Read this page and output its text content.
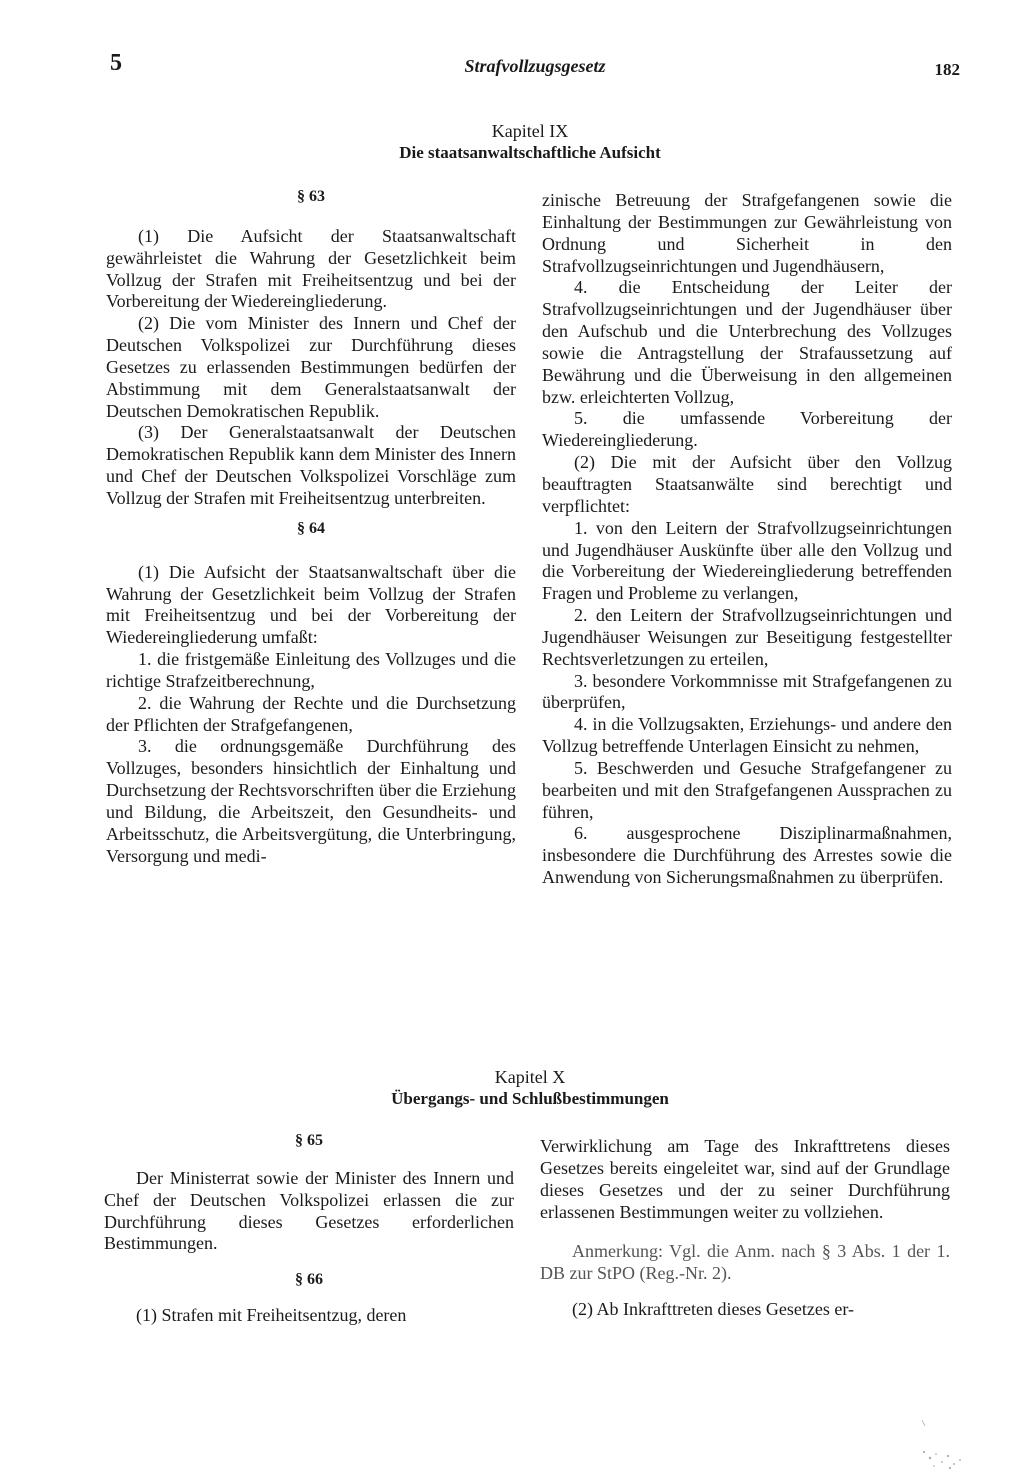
5	Strafvollzugsgesetz	182
Kapitel IX
Die staatsanwaltschaftliche Aufsicht

§ 63

(1) Die Aufsicht der Staatsanwaltschaft gewährleistet die Wahrung der Gesetzlichkeit beim Vollzug der Strafen mit Freiheitsentzug und bei der Vorbereitung der Wiedereingliederung.

(2) Die vom Minister des Innern und Chef der Deutschen Volkspolizei zur Durchführung dieses Gesetzes zu erlassenden Bestimmungen bedürfen der Abstimmung mit dem Generalstaatsanwalt der Deutschen Demokratischen Republik.

(3) Der Generalstaatsanwalt der Deutschen Demokratischen Republik kann dem Minister des Innern und Chef der Deutschen Volkspolizei Vorschläge zum Vollzug der Strafen mit Freiheitsentzug unterbreiten.

§ 64

(1) Die Aufsicht der Staatsanwaltschaft über die Wahrung der Gesetzlichkeit beim Vollzug der Strafen mit Freiheitsentzug und bei der Vorbereitung der Wiedereingliederung umfaßt:

1. die fristgemäße Einleitung des Vollzuges und die richtige Strafzeitberechnung,

2. die Wahrung der Rechte und die Durchsetzung der Pflichten der Strafgefangenen,

3. die ordnungsgemäße Durchführung des Vollzuges, besonders hinsichtlich der Einhaltung und Durchsetzung der Rechtsvorschriften über die Erziehung und Bildung, die Arbeitszeit, den Gesundheits- und Arbeitsschutz, die Arbeitsvergütung, die Unterbringung, Versorgung und medi-

zinische Betreuung der Strafgefangenen sowie die Einhaltung der Bestimmungen zur Gewährleistung von Ordnung und Sicherheit in den Strafvollzugseinrichtungen und Jugendhäusern,

4. die Entscheidung der Leiter der Strafvollzugseinrichtungen und der Jugendhäuser über den Aufschub und die Unterbrechung des Vollzuges sowie die Antragstellung der Strafaussetzung auf Bewährung und die Überweisung in den allgemeinen bzw. erleichterten Vollzug,

5. die umfassende Vorbereitung der Wiedereingliederung.

(2) Die mit der Aufsicht über den Vollzug beauftragten Staatsanwälte sind berechtigt und verpflichtet:

1. von den Leitern der Strafvollzugseinrichtungen und Jugendhäuser Auskünfte über alle den Vollzug und die Vorbereitung der Wiedereingliederung betreffenden Fragen und Probleme zu verlangen,

2. den Leitern der Strafvollzugseinrichtungen und Jugendhäuser Weisungen zur Beseitigung festgestellter Rechtsverletzungen zu erteilen,

3. besondere Vorkommnisse mit Strafgefangenen zu überprüfen,

4. in die Vollzugsakten, Erziehungs- und andere den Vollzug betreffende Unterlagen Einsicht zu nehmen,

5. Beschwerden und Gesuche Strafgefangener zu bearbeiten und mit den Strafgefangenen Aussprachen zu führen,

6. ausgesprochene Disziplinarmaßnahmen, insbesondere die Durchführung des Arrestes sowie die Anwendung von Sicherungsmaßnahmen zu überprüfen.

Kapitel X
Übergangs- und Schlußbestimmungen

§ 65

Der Ministerrat sowie der Minister des Innern und Chef der Deutschen Volkspolizei erlassen die zur Durchführung dieses Gesetzes erforderlichen Bestimmungen.

§ 66

(1) Strafen mit Freiheitsentzug, deren

Verwirklichung am Tage des Inkrafttretens dieses Gesetzes bereits eingeleitet war, sind auf der Grundlage dieses Gesetzes und der zu seiner Durchführung erlassenen Bestimmungen weiter zu vollziehen.

Anmerkung: Vgl. die Anm. nach § 3 Abs. 1 der 1. DB zur StPO (Reg.-Nr. 2).

(2) Ab Inkrafttreten dieses Gesetzes er-
